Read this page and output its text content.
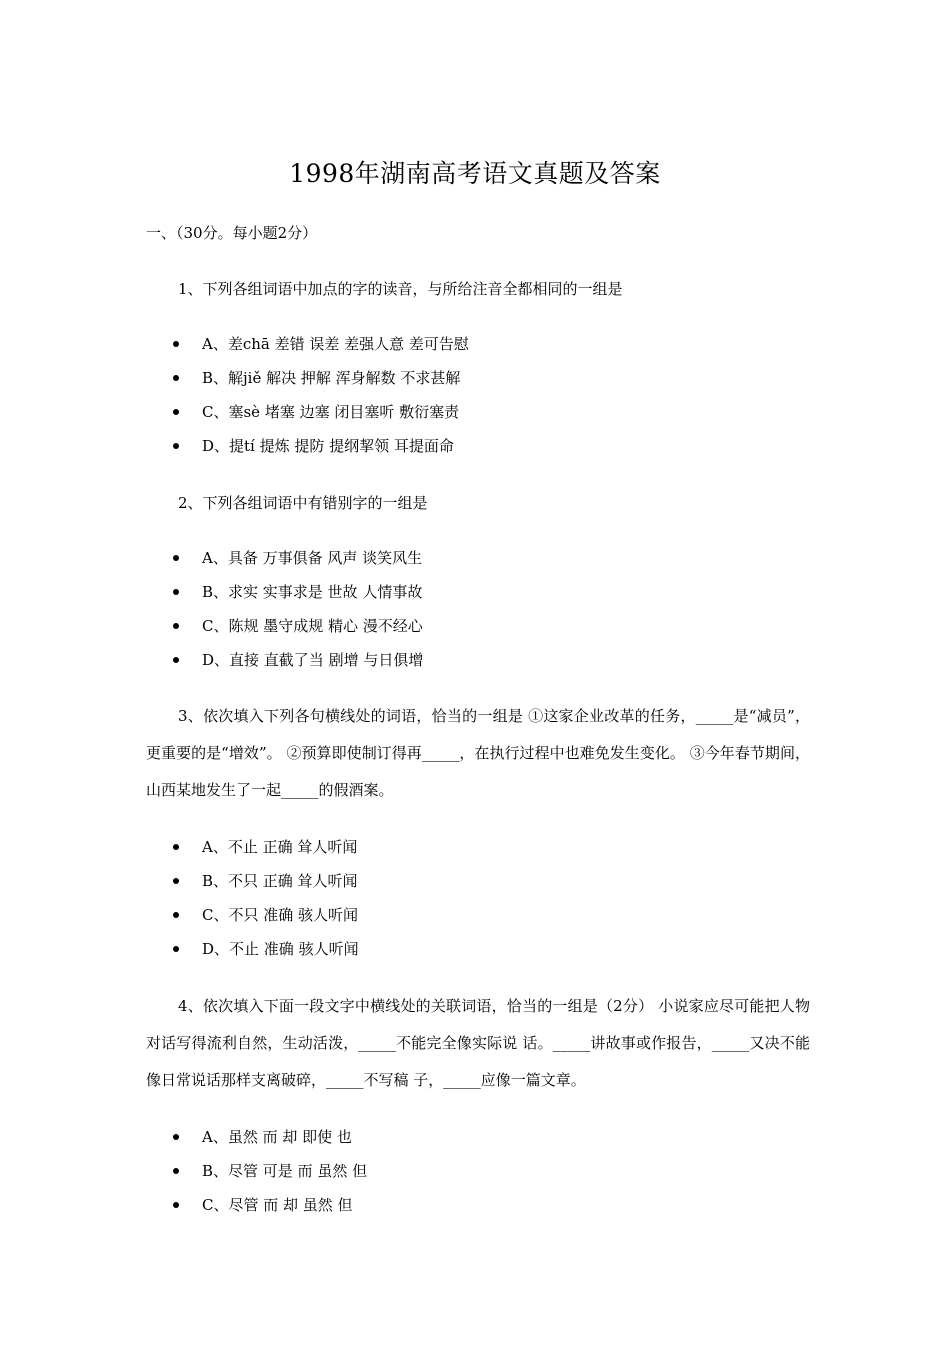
1998年湖南高考语文真题及答案
一、（30分。每小题2分）

1、下列各组词语中加点的字的读音，与所给注音全都相同的一组是

A、差chā 差错 误差 差强人意 差可告慰
B、解jiě 解决 押解 浑身解数 不求甚解
C、塞sè 堵塞 边塞 闭目塞听 敷衍塞责
D、提tí 提炼 提防 提纲挈领 耳提面命

2、下列各组词语中有错别字的一组是

A、具备 万事俱备 风声 谈笑风生
B、求实 实事求是 世故 人情事故
C、陈规 墨守成规 精心 漫不经心
D、直接 直截了当 剧增 与日俱增

3、依次填入下列各句横线处的词语，恰当的一组是 ①这家企业改革的任务，_____是“减员”，更重要的是“增效”。 ②预算即使制订得再_____，在执行过程中也难免发生变化。 ③今年春节期间，山西某地发生了一起_____的假酒案。

A、不止 正确 耸人听闻
B、不只 正确 耸人听闻
C、不只 准确 骇人听闻
D、不止 准确 骇人听闻

4、依次填入下面一段文字中横线处的关联词语，恰当的一组是（2分） 小说家应尽可能把人物对话写得流利自然，生动活泼，_____不能完全像实际说 话。_____讲故事或作报告，_____又决不能像日常说话那样支离破碎，_____不写稿 子，_____应像一篇文章。

A、虽然 而 却 即使 也
B、尽管 可是 而 虽然 但
C、尽管 而 却 虽然 但
